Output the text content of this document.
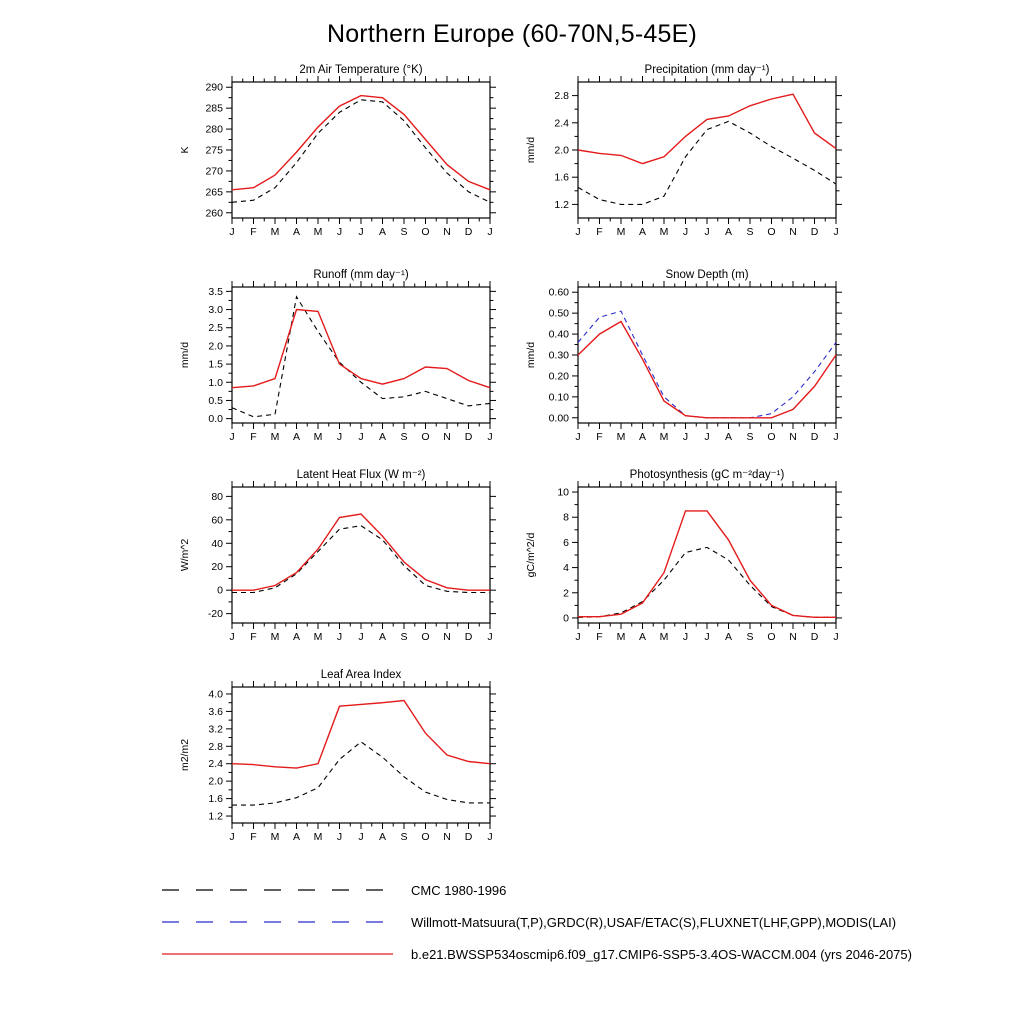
Northern Europe (60-70N,5-45E)
J F M A M J J A S O N D J
260
265
270
275
280
285
290
2m Air Temperature (°K)
K
J F M A M J J A S O N D J
1.2
1.6
2.0
2.4
2.8
Precipitation (mm day⁻¹)
mm/d
J F M A M J J A S O N D J
0.0
0.5
1.0
1.5
2.0
2.5
3.0
3.5
Runoff (mm day⁻¹)
mm/d
J F M A M J J A S O N D J
0.00
0.10
0.20
0.30
0.40
0.50
0.60
Snow Depth (m)
mm/d
J F M A M J J A S O N D J
-20
0
20
40
60
80
Latent Heat Flux (W m⁻²)
W/m^2
J F M A M J J A S O N D J
0
2
4
6
8
10
Photosynthesis (gC m⁻²day⁻¹)
gC/m^2/d
J F M A M J J A S O N D J
1.2
1.6
2.0
2.4
2.8
3.2
3.6
4.0
Leaf Area Index
m2/m2
CMC 1980-1996
Willmott-Matsuura(T,P),GRDC(R),USAF/ETAC(S),FLUXNET(LHF,GPP),MODIS(LAI)
b.e21.BWSSP534oscmip6.f09_g17.CMIP6-SSP5-3.4OS-WACCM.004 (yrs 2046-2075)
